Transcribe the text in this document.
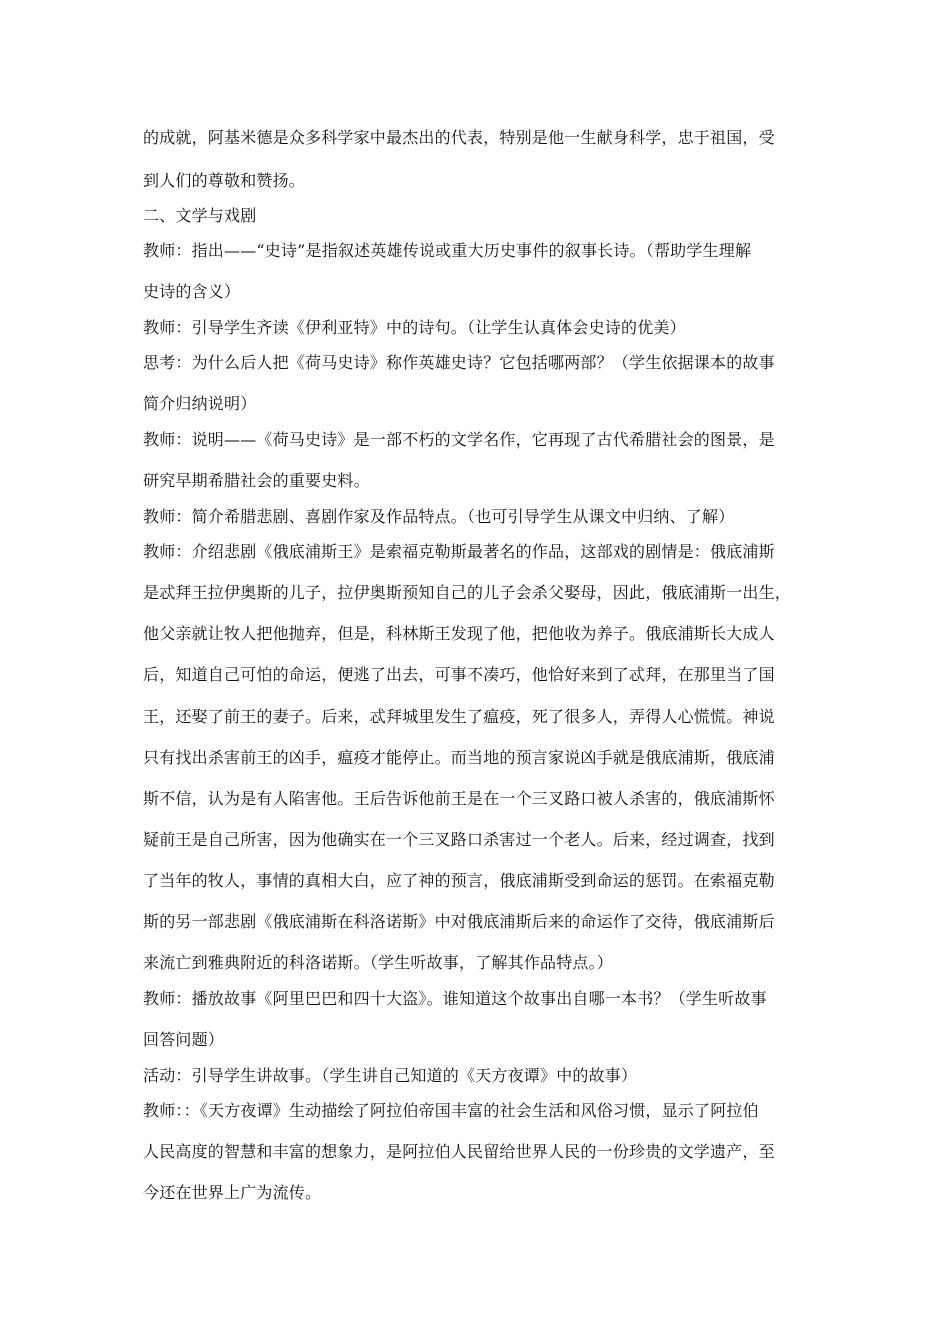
的成就，阿基米德是众多科学家中最杰出的代表，特别是他一生献身科学，忠于祖国，受
到人们的尊敬和赞扬。
二、文学与戏剧
教师：指出——“史诗”是指叙述英雄传说或重大历史事件的叙事长诗。（帮助学生理解
史诗的含义）
教师：引导学生齐读《伊利亚特》中的诗句。（让学生认真体会史诗的优美）
思考：为什么后人把《荷马史诗》称作英雄史诗？它包括哪两部？（学生依据课本的故事
简介归纳说明）
教师：说明——《荷马史诗》是一部不朽的文学名作，它再现了古代希腊社会的图景，是
研究早期希腊社会的重要史料。
教师：简介希腊悲剧、喜剧作家及作品特点。（也可引导学生从课文中归纳、了解）
教师：介绍悲剧《俄底浦斯王》是索福克勒斯最著名的作品，这部戏的剧情是：俄底浦斯
是忒拜王拉伊奥斯的儿子，拉伊奥斯预知自己的儿子会杀父娶母，因此，俄底浦斯一出生，
他父亲就让牧人把他抛弃，但是，科林斯王发现了他，把他收为养子。俄底浦斯长大成人
后，知道自己可怕的命运，便逃了出去，可事不凑巧，他恰好来到了忒拜，在那里当了国
王，还娶了前王的妻子。后来，忒拜城里发生了瘟疫，死了很多人，弄得人心慌慌。神说
只有找出杀害前王的凶手，瘟疫才能停止。而当地的预言家说凶手就是俄底浦斯，俄底浦
斯不信，认为是有人陷害他。王后告诉他前王是在一个三叉路口被人杀害的，俄底浦斯怀
疑前王是自己所害，因为他确实在一个三叉路口杀害过一个老人。后来，经过调查，找到
了当年的牧人，事情的真相大白，应了神的预言，俄底浦斯受到命运的惩罚。在索福克勒
斯的另一部悲剧《俄底浦斯在科洛诺斯》中对俄底浦斯后来的命运作了交待，俄底浦斯后
来流亡到雅典附近的科洛诺斯。（学生听故事，了解其作品特点。）
教师：播放故事《阿里巴巴和四十大盗》。谁知道这个故事出自哪一本书？（学生听故事
回答问题）
活动：引导学生讲故事。（学生讲自己知道的《天方夜谭》中的故事）
教师：：《天方夜谭》生动描绘了阿拉伯帝国丰富的社会生活和风俗习惯，显示了阿拉伯
人民高度的智慧和丰富的想象力，是阿拉伯人民留给世界人民的一份珍贵的文学遗产，至
今还在世界上广为流传。
